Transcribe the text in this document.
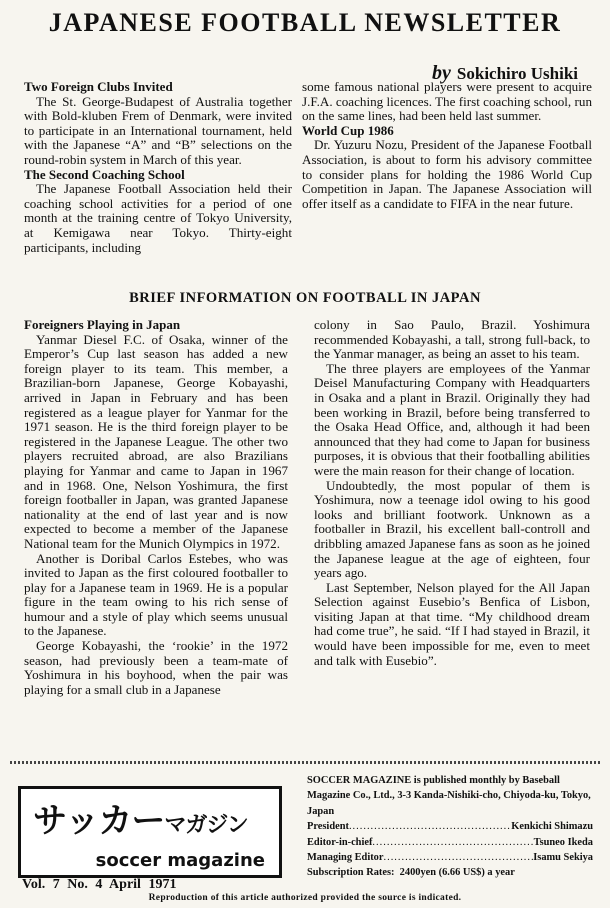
JAPANESE FOOTBALL NEWSLETTER
by Sokichiro Ushiki
Two Foreign Clubs Invited

The St. George-Budapest of Australia together with Bold-kluben Frem of Denmark, were invited to participate in an International tournament, held with the Japanese “A” and “B” selections on the round-robin system in March of this year.

The Second Coaching School

The Japanese Football Association held their coaching school activities for a period of one month at the training centre of Tokyo University, at Kemigawa near Tokyo. Thirty-eight participants, including

some famous national players were present to acquire J.F.A. coaching licences. The first coaching school, run on the same lines, had been held last summer.

World Cup 1986

Dr. Yuzuru Nozu, President of the Japanese Football Association, is about to form his advisory committee to consider plans for holding the 1986 World Cup Competition in Japan. The Japanese Association will offer itself as a candidate to FIFA in the near future.

BRIEF INFORMATION ON FOOTBALL IN JAPAN
Foreigners Playing in Japan

Yanmar Diesel F.C. of Osaka, winner of the Emperor’s Cup last season has added a new foreign player to its team. This member, a Brazilian-born Japanese, George Kobayashi, arrived in Japan in February and has been registered as a league player for Yanmar for the 1971 season. He is the third foreign player to be registered in the Japanese League. The other two players recruited abroad, are also Brazilians playing for Yanmar and came to Japan in 1967 and in 1968. One, Nelson Yoshimura, the first foreign footballer in Japan, was granted Japanese nationality at the end of last year and is now expected to become a member of the Japanese National team for the Munich Olympics in 1972.

Another is Doribal Carlos Estebes, who was invited to Japan as the first coloured footballer to play for a Japanese team in 1969. He is a popular figure in the team owing to his rich sense of humour and a style of play which seems unusual to the Japanese.

George Kobayashi, the ‘rookie’ in the 1972 season, had previously been a team-mate of Yoshimura in his boyhood, when the pair was playing for a small club in a Japanese

colony in Sao Paulo, Brazil. Yoshimura recommended Kobayashi, a tall, strong full-back, to the Yanmar manager, as being an asset to his team.

The three players are employees of the Yanmar Deisel Manufacturing Company with Headquarters in Osaka and a plant in Brazil. Originally they had been working in Brazil, before being transferred to the Osaka Head Office, and, although it had been announced that they had come to Japan for business purposes, it is obvious that their footballing abilities were the main reason for their change of location.

Undoubtedly, the most popular of them is Yoshimura, now a teenage idol owing to his good looks and brilliant footwork. Unknown as a footballer in Brazil, his excellent ball-controll and dribbling amazed Japanese fans as soon as he joined the Japanese league at the age of eighteen, four years ago.

Last September, Nelson played for the All Japan Selection against Eusebio’s Benfica of Lisbon, visiting Japan at that time. “My childhood dream had come true”, he said. “If I had stayed in Brazil, it would have been impossible for me, even to meet and talk with Eusebio”.

サッカーマガジン
soccer magazine
Vol. 7 No. 4 April 1971
SOCCER MAGAZINE is published monthly by Baseball Magazine Co., Ltd., 3-3 Kanda-Nishiki-cho, Chiyoda-ku, Tokyo, Japan
President .....	Kenkichi Shimazu
Editor-in-chief .....	Tsuneo Ikeda
Managing Editor .....	Isamu Sekiya
Subscription Rates:
2400yen (6.66 US$) a year
Reproduction of this article authorized provided the source is indicated.
